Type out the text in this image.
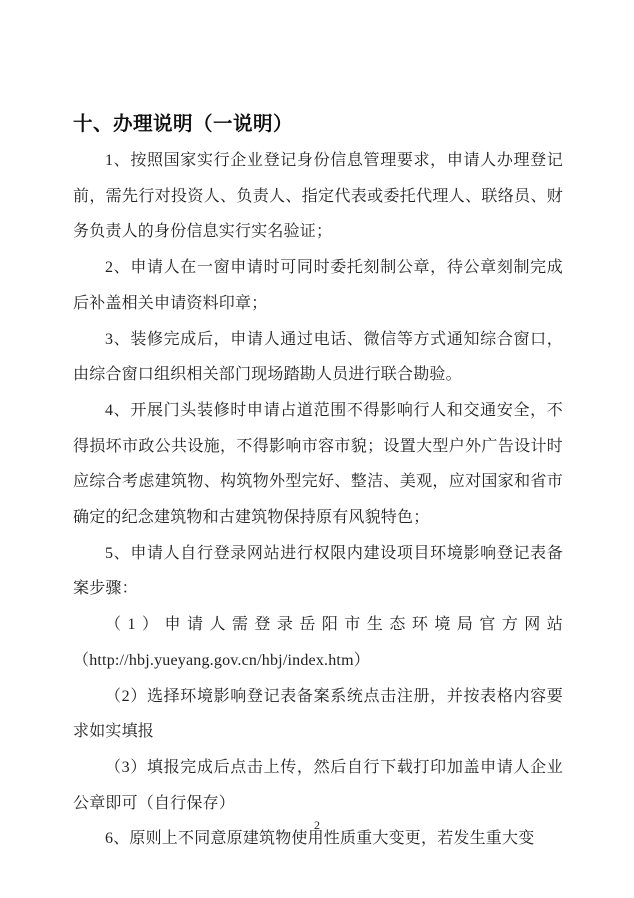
十、办理说明（一说明）

1、按照国家实行企业登记身份信息管理要求，申请人办理登记前，需先行对投资人、负责人、指定代表或委托代理人、联络员、财务负责人的身份信息实行实名验证；

2、申请人在一窗申请时可同时委托刻制公章，待公章刻制完成后补盖相关申请资料印章；

3、装修完成后，申请人通过电话、微信等方式通知综合窗口，由综合窗口组织相关部门现场踏勘人员进行联合勘验。

4、开展门头装修时申请占道范围不得影响行人和交通安全，不得损坏市政公共设施，不得影响市容市貌；设置大型户外广告设计时应综合考虑建筑物、构筑物外型完好、整洁、美观，应对国家和省市确定的纪念建筑物和古建筑物保持原有风貌特色；

5、申请人自行登录网站进行权限内建设项目环境影响登记表备案步骤：

（1）申请人需登录岳阳市生态环境局官方网站（http://hbj.yueyang.gov.cn/hbj/index.htm）

（2）选择环境影响登记表备案系统点击注册，并按表格内容要求如实填报

（3）填报完成后点击上传，然后自行下载打印加盖申请人企业公章即可（自行保存）

6、原则上不同意原建筑物使用性质重大变更，若发生重大变

2
